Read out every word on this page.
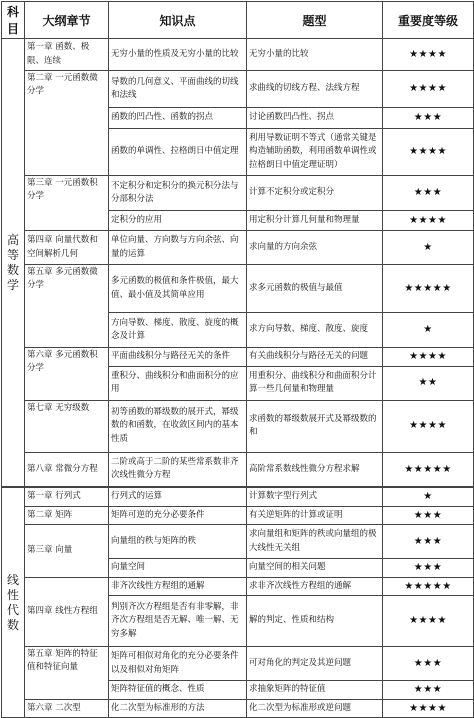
科目	大纲章节	知识点	题型	重要度等级

高
等
数
学	第一章 函数、极限、连续	无穷小量的性质及无穷小量的比较	无穷小量的比较	★★★★
	第二章 一元函数微分学	导数的几何意义、平面曲线的切线和法线	求曲线的切线方程、法线方程	★★★★
		函数的凹凸性、函数的拐点	讨论函数凹凸性、拐点	★★★
		函数的单调性、拉格朗日中值定理	利用导数证明不等式（通常关键是构造辅助函数，利用函数单调性或拉格朗日中值定理证明）	★★★★
	第三章 一元函数积分学	不定积分和定积分的换元积分法与分部积分法	计算不定积分或定积分	★★★
		定积分的应用	用定积分计算几何量和物理量	★★★★
	第四章 向量代数和空间解析几何	单位向量、方向数与方向余弦、向量的运算	求向量的方向余弦	★
	第五章 多元函数微分学	多元函数的极值和条件极值，最大值、最小值及其简单应用	求多元函数的极值与最值	★★★★★
		方向导数、梯度、散度、旋度的概念及计算	求方向导数、梯度、散度、旋度	★
	第六章 多元函数积分学	平面曲线积分与路径无关的条件	有关曲线积分与路径无关的问题	★★★★
		重积分、曲线积分和曲面积分的应用	用重积分、曲线积分和曲面积分计算一些几何量和物理量	★★
	第七章 无穷级数	初等函数的幂级数的展开式，幂级数的和函数，在收敛区间内的基本性质	求函数的幂级数展开式及幂级数的和	★★★★
	第八章 常微分方程	二阶或高于二阶的某些常系数非齐次线性微分方程	高阶常系数线性微分方程求解	★★★★★

线
性
代
数	第一章 行列式	行列式的运算	计算数字型行列式	★
	第二章 矩阵	矩阵可逆的充分必要条件	有关逆矩阵的计算或证明	★★★
	第三章 向量	向量组的秩与矩阵的秩	求向量组和矩阵的秩或向量组的极大线性无关组	★★★
		向量空间	向量空间的相关问题	★★★
	第四章 线性方程组	非齐次线性方程组的通解	求非齐次线性方程组的通解	★★★★★
		判别齐次方程组是否有非零解，非齐次方程组是否无解、唯一解、无穷多解	解的判定、性质和结构	★★★★
	第五章 矩阵的特征值和特征向量	矩阵可相似对角化的充分必要条件以及相似对角矩阵	可对角化的判定及其逆问题	★★★
		矩阵特征值的概念、性质	求抽象矩阵的特征值	★★★
	第六章 二次型	化二次型为标准形的方法	化二次型为标准形或逆问题	★★★★
